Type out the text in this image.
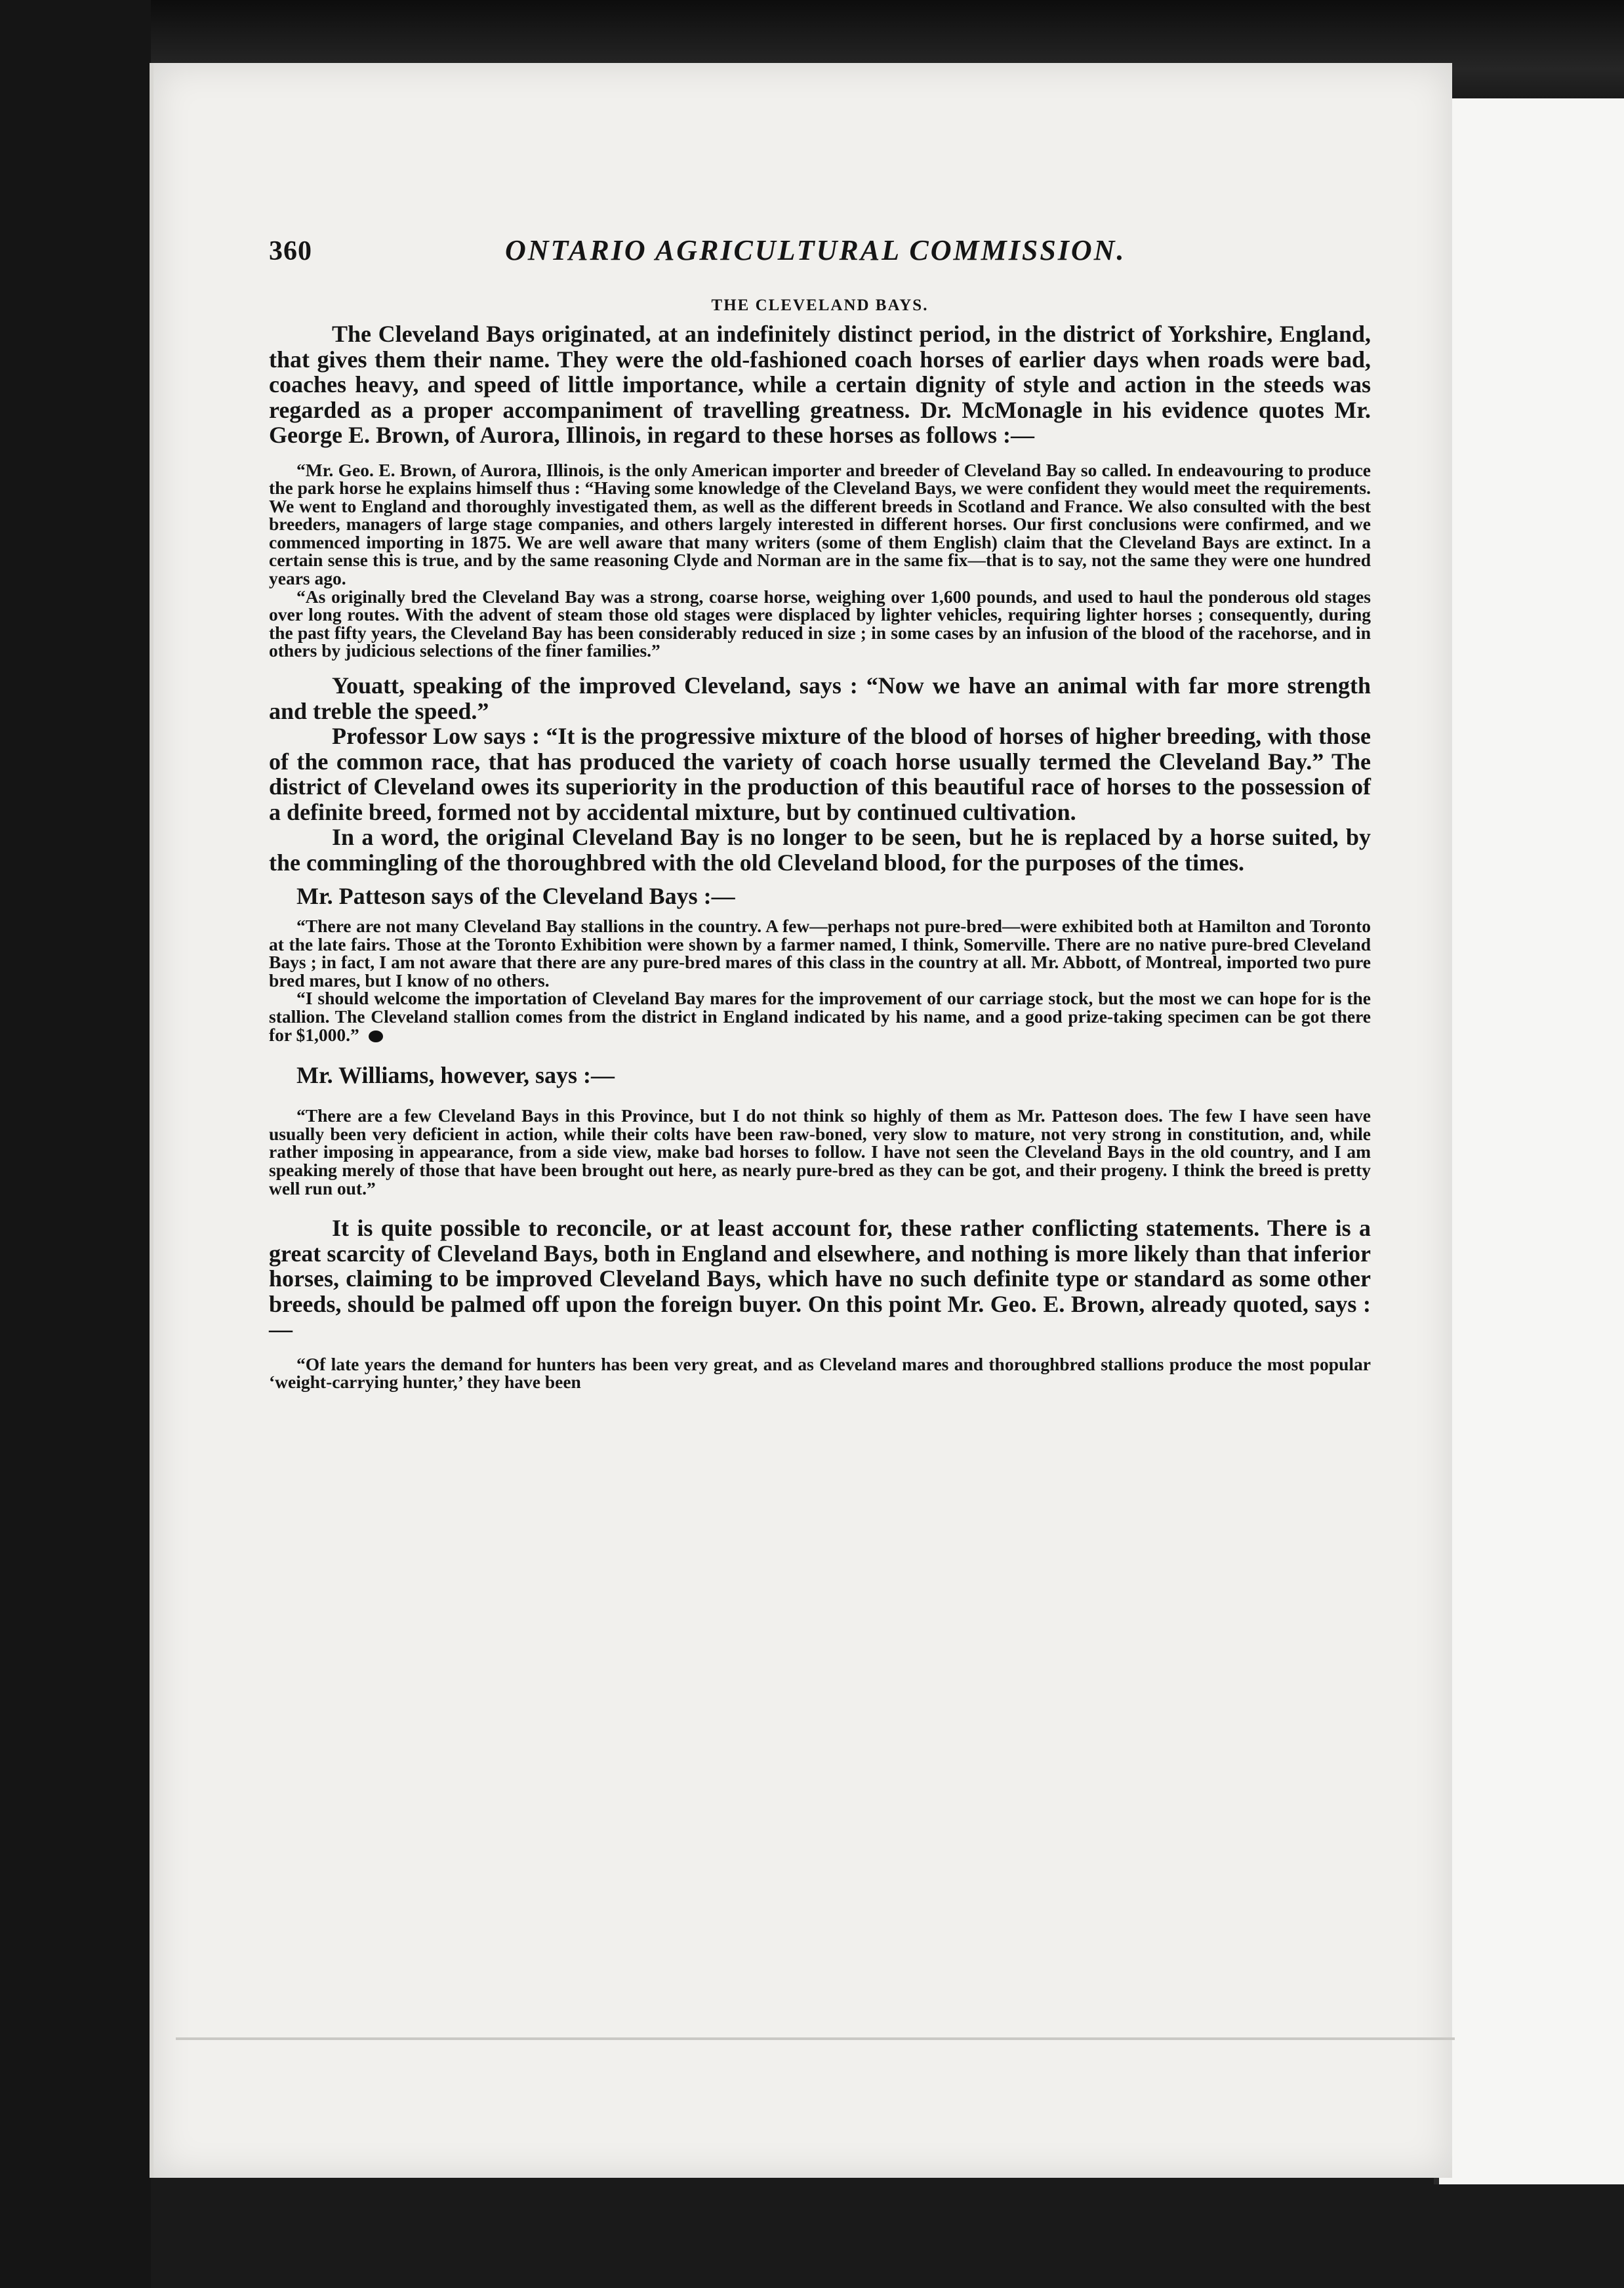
360	ONTARIO AGRICULTURAL COMMISSION.
THE CLEVELAND BAYS.

The Cleveland Bays originated, at an indefinitely distinct period, in the district of Yorkshire, England, that gives them their name. They were the old-fashioned coach horses of earlier days when roads were bad, coaches heavy, and speed of little importance, while a certain dignity of style and action in the steeds was regarded as a proper accompaniment of travelling greatness. Dr. McMonagle in his evidence quotes Mr. George E. Brown, of Aurora, Illinois, in regard to these horses as follows :—

“Mr. Geo. E. Brown, of Aurora, Illinois, is the only American importer and breeder of Cleveland Bay so called. In endeavouring to produce the park horse he explains himself thus : “Having some knowledge of the Cleveland Bays, we were confident they would meet the requirements. We went to England and thoroughly investigated them, as well as the different breeds in Scotland and France. We also consulted with the best breeders, managers of large stage companies, and others largely interested in different horses. Our first conclusions were confirmed, and we commenced importing in 1875. We are well aware that many writers (some of them English) claim that the Cleveland Bays are extinct. In a certain sense this is true, and by the same reasoning Clyde and Norman are in the same fix—that is to say, not the same they were one hundred years ago.

“As originally bred the Cleveland Bay was a strong, coarse horse, weighing over 1,600 pounds, and used to haul the ponderous old stages over long routes. With the advent of steam those old stages were displaced by lighter vehicles, requiring lighter horses ; consequently, during the past fifty years, the Cleveland Bay has been considerably reduced in size ; in some cases by an infusion of the blood of the racehorse, and in others by judicious selections of the finer families.”

Youatt, speaking of the improved Cleveland, says : “Now we have an animal with far more strength and treble the speed.”

Professor Low says : “It is the progressive mixture of the blood of horses of higher breeding, with those of the common race, that has produced the variety of coach horse usually termed the Cleveland Bay.” The district of Cleveland owes its superiority in the production of this beautiful race of horses to the possession of a definite breed, formed not by accidental mixture, but by continued cultivation.

In a word, the original Cleveland Bay is no longer to be seen, but he is replaced by a horse suited, by the commingling of the thoroughbred with the old Cleveland blood, for the purposes of the times.

Mr. Patteson says of the Cleveland Bays :—

“There are not many Cleveland Bay stallions in the country. A few—perhaps not pure-bred—were exhibited both at Hamilton and Toronto at the late fairs. Those at the Toronto Exhibition were shown by a farmer named, I think, Somerville. There are no native pure-bred Cleveland Bays ; in fact, I am not aware that there are any pure-bred mares of this class in the country at all. Mr. Abbott, of Montreal, imported two pure bred mares, but I know of no others.

“I should welcome the importation of Cleveland Bay mares for the improvement of our carriage stock, but the most we can hope for is the stallion. The Cleveland stallion comes from the district in England indicated by his name, and a good prize-taking specimen can be got there for $1,000.”

Mr. Williams, however, says :—

“There are a few Cleveland Bays in this Province, but I do not think so highly of them as Mr. Patteson does. The few I have seen have usually been very deficient in action, while their colts have been raw-boned, very slow to mature, not very strong in constitution, and, while rather imposing in appearance, from a side view, make bad horses to follow. I have not seen the Cleveland Bays in the old country, and I am speaking merely of those that have been brought out here, as nearly pure-bred as they can be got, and their progeny. I think the breed is pretty well run out.”

It is quite possible to reconcile, or at least account for, these rather conflicting statements. There is a great scarcity of Cleveland Bays, both in England and elsewhere, and nothing is more likely than that inferior horses, claiming to be improved Cleveland Bays, which have no such definite type or standard as some other breeds, should be palmed off upon the foreign buyer. On this point Mr. Geo. E. Brown, already quoted, says :—

“Of late years the demand for hunters has been very great, and as Cleveland mares and thoroughbred stallions produce the most popular ‘weight-carrying hunter,’ they have been
